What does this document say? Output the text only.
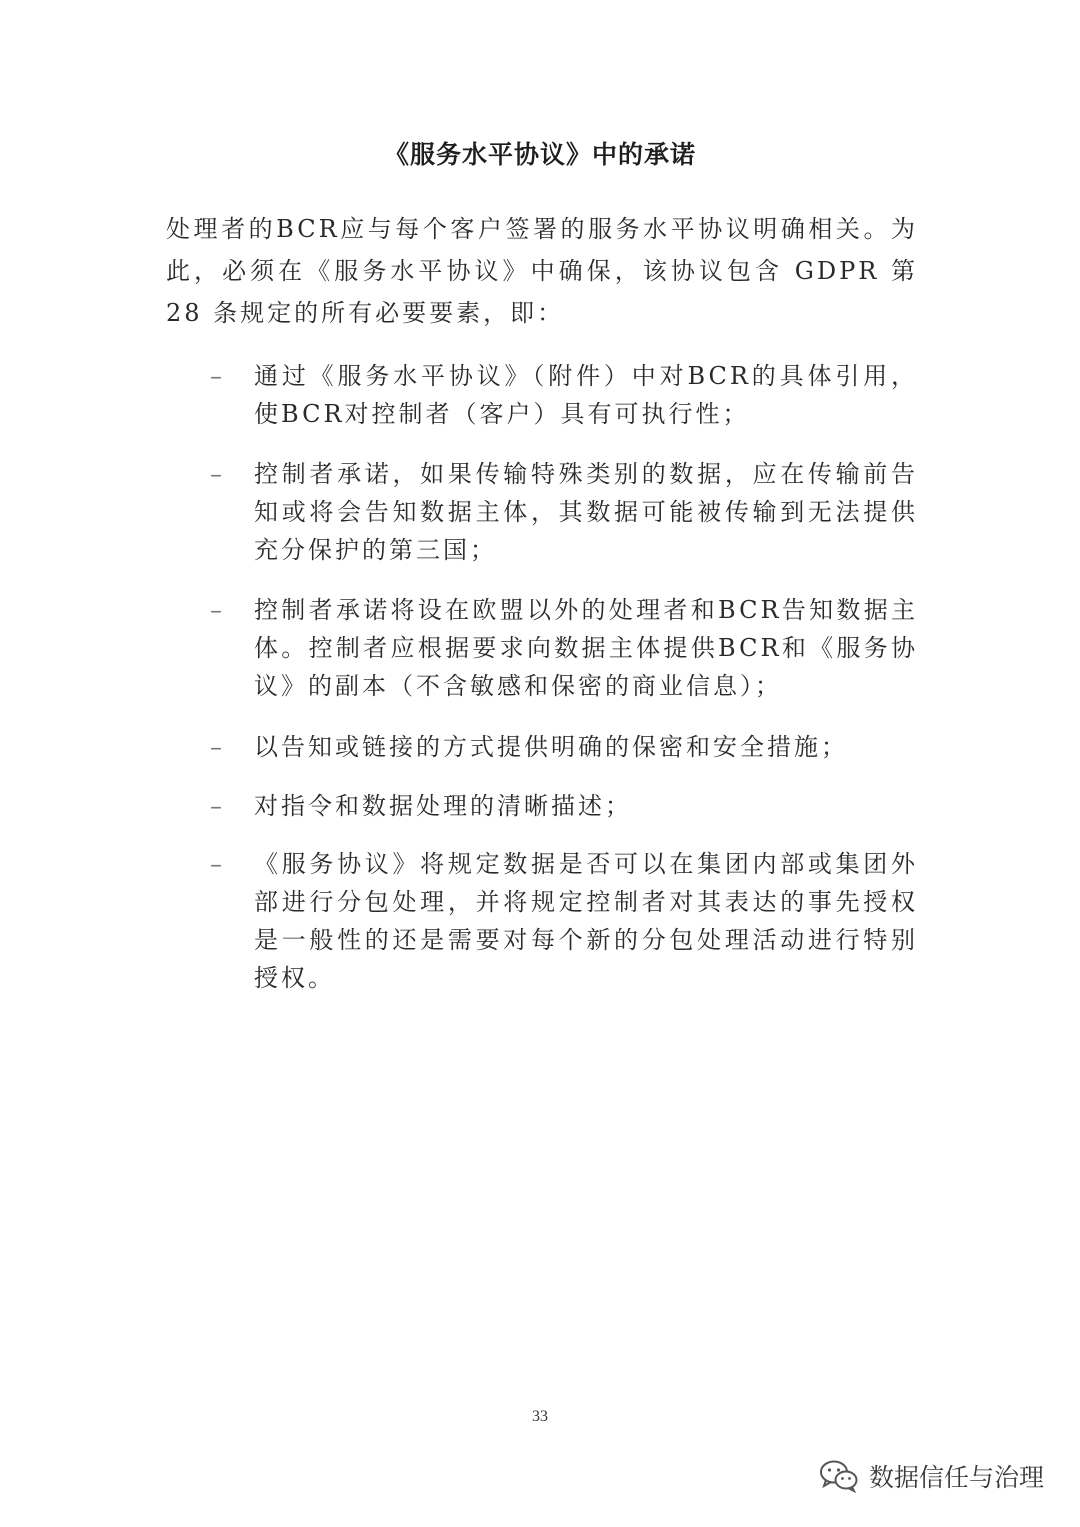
《服务水平协议》中的承诺

处理者的BCR应与每个客户签署的服务水平协议明确相关。为此，必须在《服务水平协议》中确保，该协议包含 GDPR 第 28 条规定的所有必要要素，即：

– 通过《服务水平协议》（附件）中对BCR的具体引用，使BCR对控制者（客户）具有可执行性；

– 控制者承诺，如果传输特殊类别的数据，应在传输前告知或将会告知数据主体，其数据可能被传输到无法提供充分保护的第三国；

– 控制者承诺将设在欧盟以外的处理者和BCR告知数据主体。控制者应根据要求向数据主体提供BCR和《服务协议》的副本（不含敏感和保密的商业信息）；

– 以告知或链接的方式提供明确的保密和安全措施；

– 对指令和数据处理的清晰描述；

– 《服务协议》将规定数据是否可以在集团内部或集团外部进行分包处理，并将规定控制者对其表达的事先授权是一般性的还是需要对每个新的分包处理活动进行特别授权。

33
数据信任与治理
